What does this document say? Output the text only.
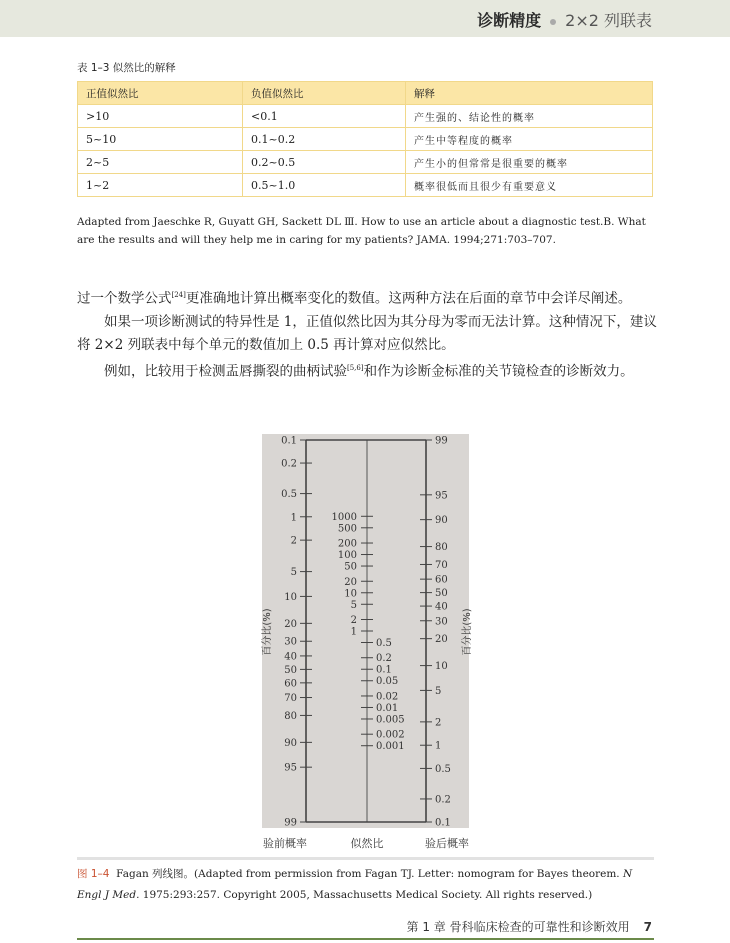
诊断精度 2×2 列联表
表 1–3 似然比的解释
正值似然比	负值似然比	解释
>10	<0.1	产生强的、结论性的概率
5~10	0.1~0.2	产生中等程度的概率
2~5	0.2~0.5	产生小的但常常是很重要的概率
1~2	0.5~1.0	概率很低而且很少有重要意义
Adapted from Jaeschke R, Guyatt GH, Sackett DL Ⅲ. How to use an article about a diagnostic test.B. What are the results and will they help me in caring for my patients? JAMA. 1994;271:703–707.

过一个数学公式[24]更准确地计算出概率变化的数值。这两种方法在后面的章节中会详尽阐述。

如果一项诊断测试的特异性是 1，正值似然比因为其分母为零而无法计算。这种情况下，建议将 2×2 列联表中每个单元的数值加上 0.5 再计算对应似然比。

例如，比较用于检测盂唇撕裂的曲柄试验[5,6]和作为诊断金标准的关节镜检查的诊断效力。

0.1
0.2
0.5
1
2
5
10
20
30
40
50
60
70
80
90
95
99
99
95
90
80
70
60
50
40
30
20
10
5
2
1
0.5
0.2
0.1
1000
500
200
100
50
20
10
5
2
1
0.5
0.2
0.1
0.05
0.02
0.01
0.005
0.002
0.001
百分比(%)	百分比(%)
验前概率	似然比	验后概率
图 1–4 Fagan 列线图。(Adapted from permission from Fagan TJ. Letter: nomogram for Bayes theorem. N Engl J Med. 1975:293:257. Copyright 2005, Massachusetts Medical Society. All rights reserved.)
第 1 章 骨科临床检查的可靠性和诊断效用 7
